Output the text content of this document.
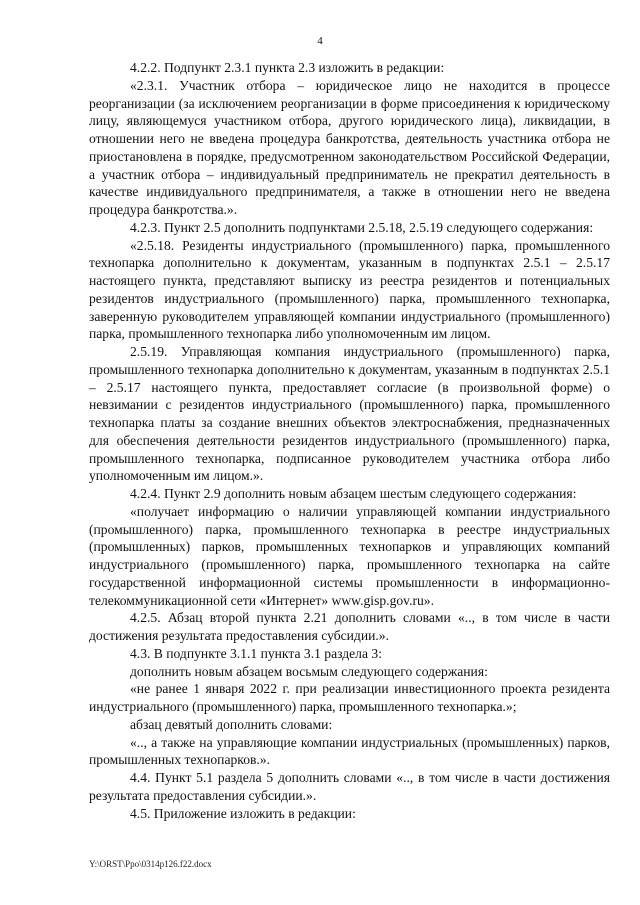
4

4.2.2. Подпункт 2.3.1 пункта 2.3 изложить в редакции:

«2.3.1. Участник отбора – юридическое лицо не находится в процессе реорганизации (за исключением реорганизации в форме присоединения к юридическому лицу, являющемуся участником отбора, другого юридического лица), ликвидации, в отношении него не введена процедура банкротства, деятельность участника отбора не приостановлена в порядке, предусмотренном законодательством Российской Федерации, а участник отбора – индивидуальный предприниматель не прекратил деятельность в качестве индивидуального предпринимателя, а также в отношении него не введена процедура банкротства.».

4.2.3. Пункт 2.5 дополнить подпунктами 2.5.18, 2.5.19 следующего содержания:

«2.5.18. Резиденты индустриального (промышленного) парка, промышленного технопарка дополнительно к документам, указанным в подпунктах 2.5.1 – 2.5.17 настоящего пункта, представляют выписку из реестра резидентов и потенциальных резидентов индустриального (промышленного) парка, промышленного технопарка, заверенную руководителем управляющей компании индустриального (промышленного) парка, промышленного технопарка либо уполномоченным им лицом.

2.5.19. Управляющая компания индустриального (промышленного) парка, промышленного технопарка дополнительно к документам, указанным в подпунктах 2.5.1 – 2.5.17 настоящего пункта, предоставляет согласие (в произвольной форме) о невзимании с резидентов индустриального (промышленного) парка, промышленного технопарка платы за создание внешних объектов электроснабжения, предназначенных для обеспечения деятельности резидентов индустриального (промышленного) парка, промышленного технопарка, подписанное руководителем участника отбора либо уполномоченным им лицом.».

4.2.4. Пункт 2.9 дополнить новым абзацем шестым следующего содержания:

«получает информацию о наличии управляющей компании индустриального (промышленного) парка, промышленного технопарка в реестре индустриальных (промышленных) парков, промышленных технопарков и управляющих компаний индустриального (промышленного) парка, промышленного технопарка на сайте государственной информационной системы промышленности в информационно-телекоммуникационной сети «Интернет» www.gisp.gov.ru».

4.2.5. Абзац второй пункта 2.21 дополнить словами «.., в том числе в части достижения результата предоставления субсидии.».

4.3. В подпункте 3.1.1 пункта 3.1 раздела 3:

дополнить новым абзацем восьмым следующего содержания:

«не ранее 1 января 2022 г. при реализации инвестиционного проекта резидента индустриального (промышленного) парка, промышленного технопарка.»;

абзац девятый дополнить словами:

«.., а также на управляющие компании индустриальных (промышленных) парков, промышленных технопарков.».

4.4. Пункт 5.1 раздела 5 дополнить словами «.., в том числе в части достижения результата предоставления субсидии.».

4.5. Приложение изложить в редакции:

Y:\ORST\Ppo\0314p126.f22.docx
